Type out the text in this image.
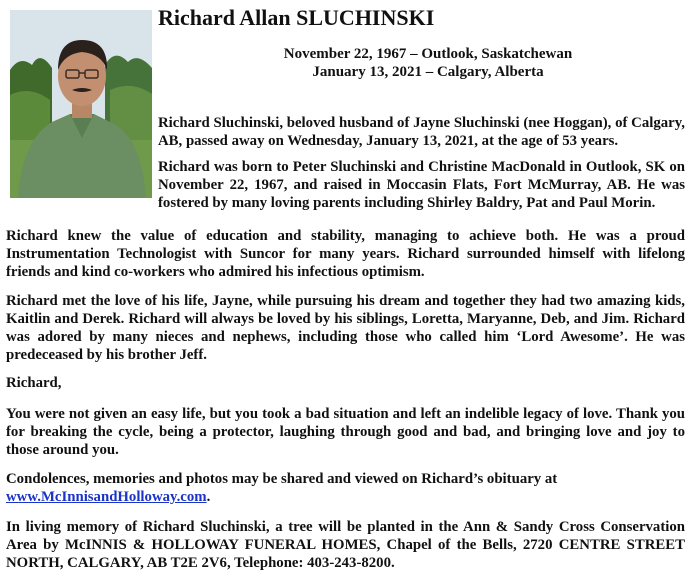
Richard Allan SLUCHINSKI
November 22, 1967 – Outlook, Saskatchewan
January 13, 2021 – Calgary, Alberta

Richard Sluchinski, beloved husband of Jayne Sluchinski (nee Hoggan), of Calgary, AB, passed away on Wednesday, January 13, 2021, at the age of 53 years.

Richard was born to Peter Sluchinski and Christine MacDonald in Outlook, SK on November 22, 1967, and raised in Moccasin Flats, Fort McMurray, AB. He was fostered by many loving parents including Shirley Baldry, Pat and Paul Morin.

Richard knew the value of education and stability, managing to achieve both. He was a proud Instrumentation Technologist with Suncor for many years. Richard surrounded himself with lifelong friends and kind co-workers who admired his infectious optimism.

Richard met the love of his life, Jayne, while pursuing his dream and together they had two amazing kids, Kaitlin and Derek. Richard will always be loved by his siblings, Loretta, Maryanne, Deb, and Jim. Richard was adored by many nieces and nephews, including those who called him ‘Lord Awesome’. He was predeceased by his brother Jeff.

Richard,

You were not given an easy life, but you took a bad situation and left an indelible legacy of love. Thank you for breaking the cycle, being a protector, laughing through good and bad, and bringing love and joy to those around you.

Condolences, memories and photos may be shared and viewed on Richard’s obituary at
www.McInnisandHolloway.com.

In living memory of Richard Sluchinski, a tree will be planted in the Ann & Sandy Cross Conservation Area by McINNIS & HOLLOWAY FUNERAL HOMES, Chapel of the Bells, 2720 CENTRE STREET NORTH, CALGARY, AB T2E 2V6, Telephone: 403-243-8200.
